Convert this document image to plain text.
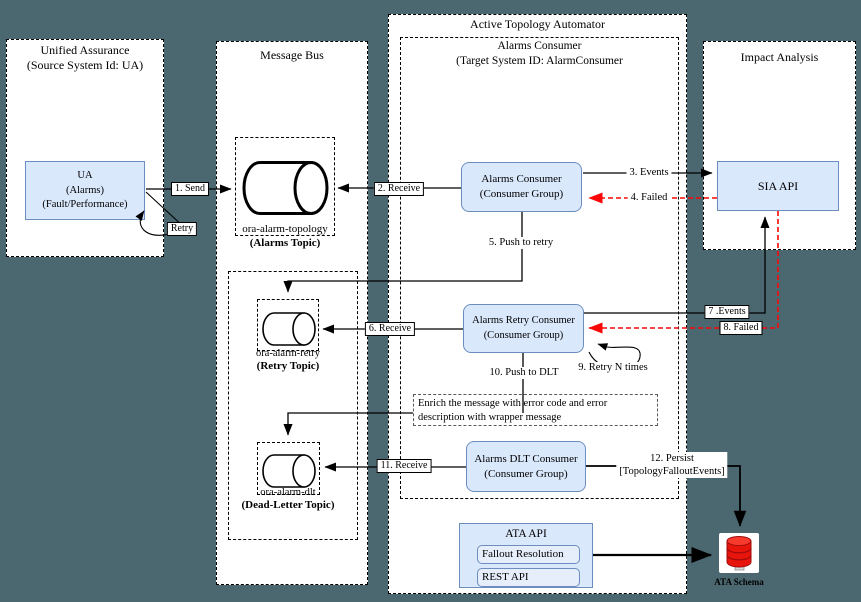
Enrich the message with error code and error
description with wrapper message
Unified Assurance
(Source System Id: UA)
Message Bus
Active Topology Automator
Alarms Consumer
(Target System ID: AlarmConsumer	Impact Analysis
UA
(Alarms)
(Fault/Performance)
Alarms Consumer
(Consumer Group)
Alarms Retry Consumer
(Consumer Group)
Alarms DLT Consumer
(Consumer Group)
SIA API
ATA API
Fallout Resolution
REST API
ora-alarm-topology
(Alarms Topic)
ora-alarm-retry
(Retry Topic)
ora-alarm-dlt
(Dead-Letter Topic)
ATA Schema
1. Send
Retry
2. Receive
3. Events
4. Failed
5. Push to retry
6. Receive
7 .Events
8. Failed
9. Retry N times
10. Push to DLT
11. Receive
12. Persist
[TopologyFalloutEvents]
